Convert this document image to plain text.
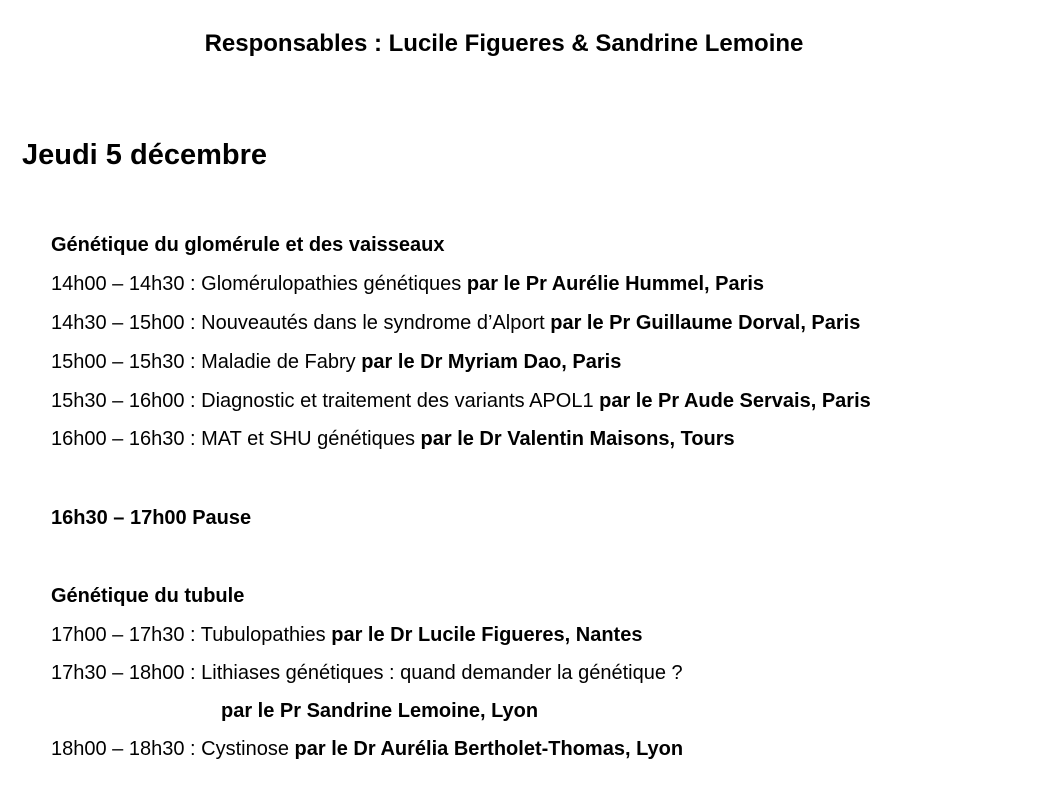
Responsables : Lucile Figueres & Sandrine Lemoine
Jeudi 5 décembre
Génétique du glomérule et des vaisseaux
14h00 – 14h30 : Glomérulopathies génétiques par le Pr Aurélie Hummel, Paris
14h30 – 15h00 : Nouveautés dans le syndrome d’Alport par le Pr Guillaume Dorval, Paris
15h00 – 15h30 : Maladie de Fabry par le Dr Myriam Dao, Paris
15h30 – 16h00 : Diagnostic et traitement des variants APOL1 par le Pr Aude Servais, Paris
16h00 – 16h30 : MAT et SHU génétiques par le Dr Valentin Maisons, Tours
16h30 – 17h00 Pause
Génétique du tubule
17h00 – 17h30 : Tubulopathies par le Dr Lucile Figueres, Nantes
17h30 – 18h00 : Lithiases génétiques : quand demander la génétique ?
par le Pr Sandrine Lemoine, Lyon
18h00 – 18h30 : Cystinose par le Dr Aurélia Bertholet-Thomas, Lyon
